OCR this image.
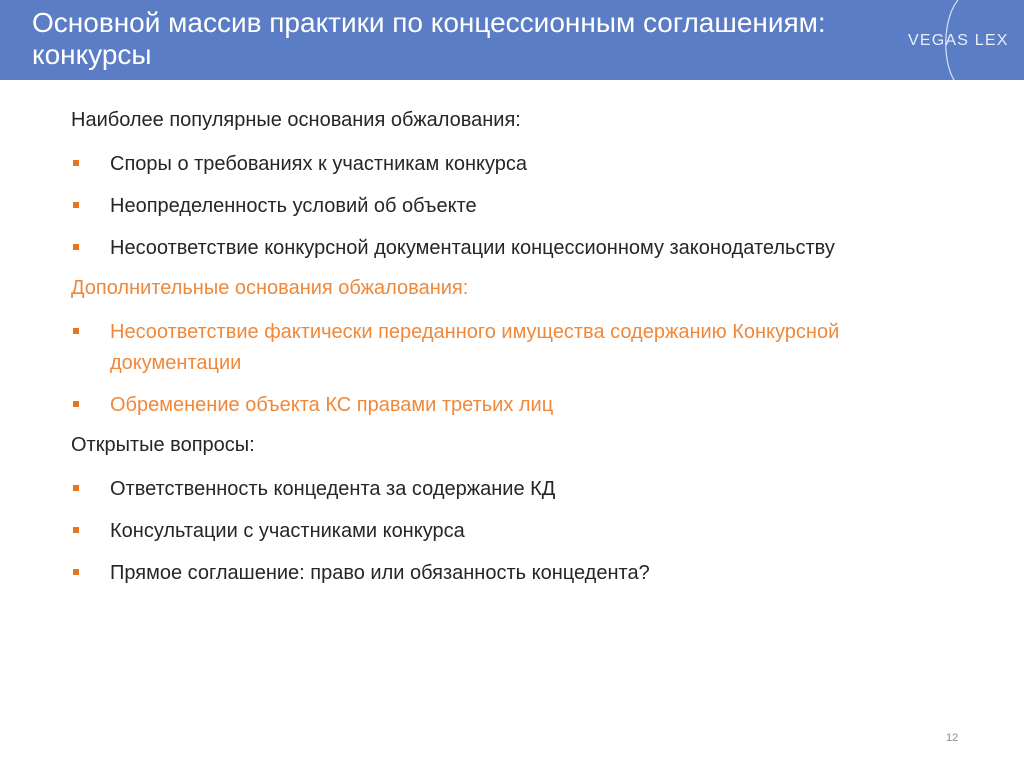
Основной массив практики по концессионным соглашениям: конкурсы	VEGAS LEX
Наиболее популярные основания обжалования:
Споры о требованиях к участникам конкурса
Неопределенность условий об объекте
Несоответствие конкурсной документации концессионному законодательству
Дополнительные основания обжалования:
Несоответствие фактически переданного имущества содержанию Конкурсной документации
Обременение объекта КС правами третьих лиц
Открытые вопросы:
Ответственность концедента за содержание КД
Консультации с участниками конкурса
Прямое соглашение: право или обязанность концедента?
12
